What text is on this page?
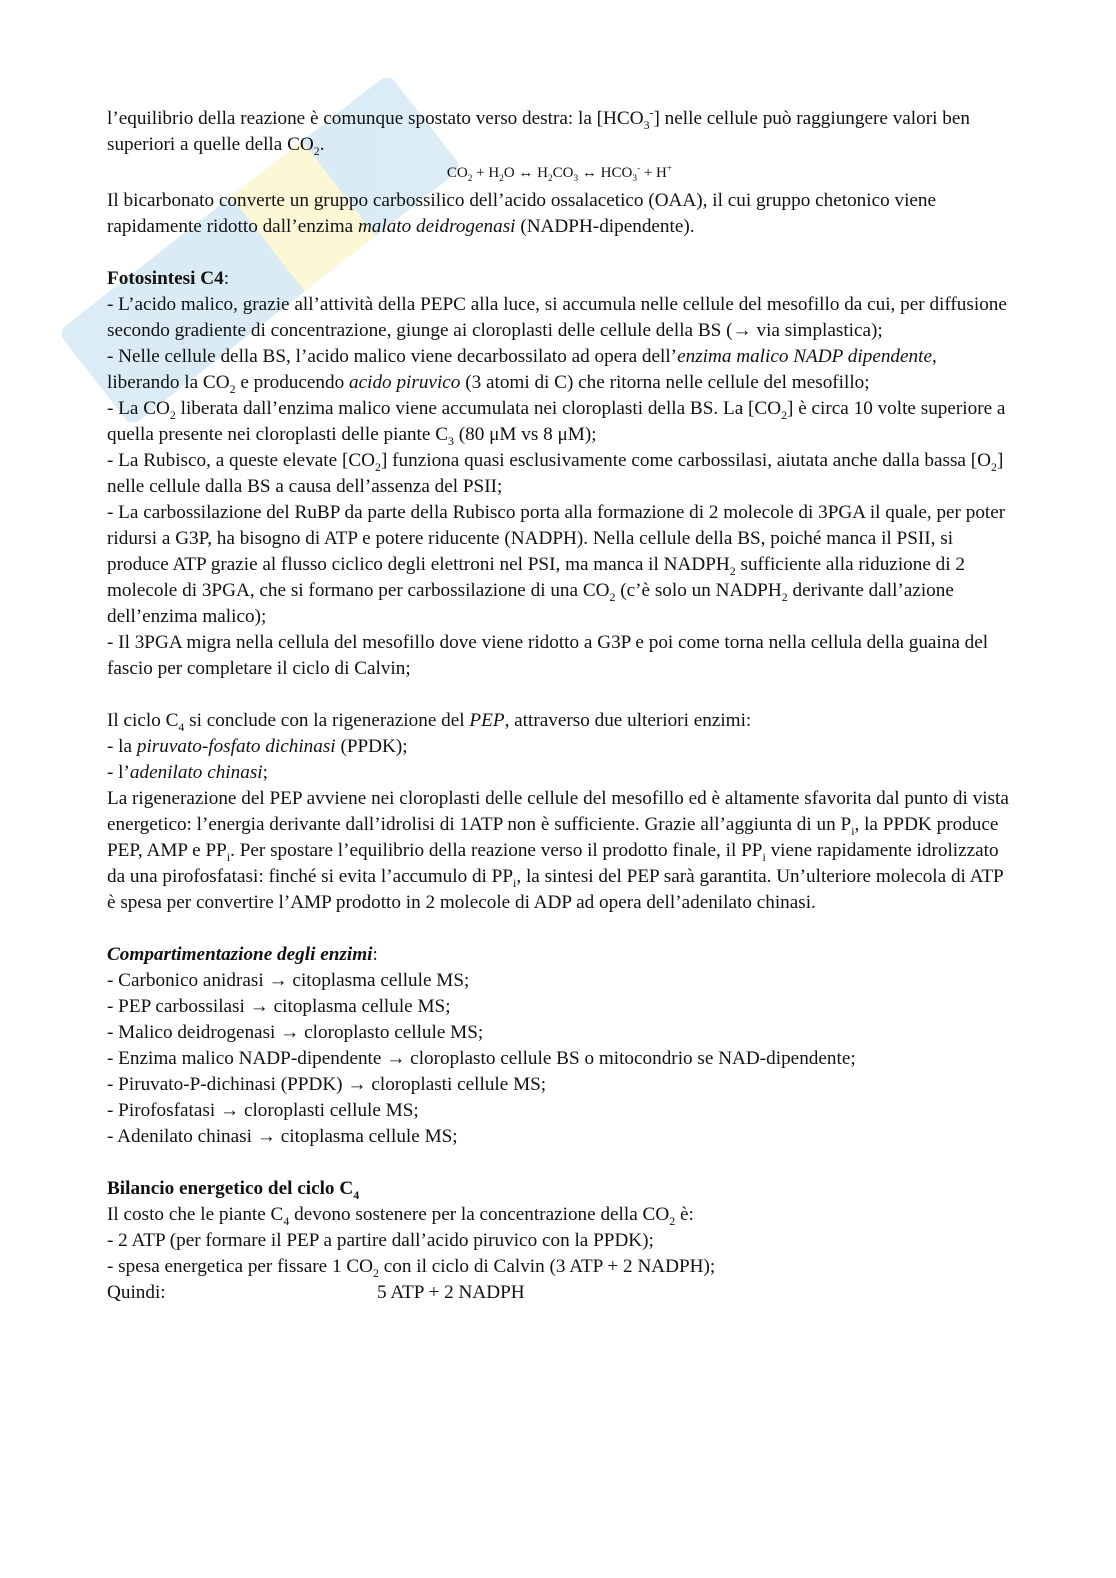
l’equilibrio della reazione è comunque spostato verso destra: la $[HCO_3^-]$ nelle cellule può raggiungere valori ben superiori a quelle della $CO_2$.

$CO_2 + H_2O$ ↔ $H_2CO_3$ ↔ $HCO_3^- + H^+$

Il bicarbonato converte un gruppo carbossilico dell’acido ossalacetico (OAA), il cui gruppo chetonico viene rapidamente ridotto dall’enzima malato deidrogenasi (NADPH-dipendente).

Fotosintesi C4:

- L’acido malico, grazie all’attività della PEPC alla luce, si accumula nelle cellule del mesofillo da cui, per diffusione secondo gradiente di concentrazione, giunge ai cloroplasti delle cellule della BS (→ via simplastica);

- Nelle cellule della BS, l’acido malico viene decarbossilato ad opera dell’enzima malico NADP dipendente, liberando la $CO_2$ e producendo acido piruvico (3 atomi di C) che ritorna nelle cellule del mesofillo;

- La $CO_2$ liberata dall’enzima malico viene accumulata nei cloroplasti della BS. La $[CO_2]$ è circa 10 volte superiore a quella presente nei cloroplasti delle piante $C_3$ (80 μM vs 8 μM);

- La Rubisco, a queste elevate $[CO_2]$ funziona quasi esclusivamente come carbossilasi, aiutata anche dalla bassa $[O_2]$ nelle cellule dalla BS a causa dell’assenza del PSII;

- La carbossilazione del RuBP da parte della Rubisco porta alla formazione di 2 molecole di 3PGA il quale, per poter ridursi a G3P, ha bisogno di ATP e potere riducente (NADPH). Nella cellule della BS, poiché manca il PSII, si produce ATP grazie al flusso ciclico degli elettroni nel PSI, ma manca il $NADPH_2$ sufficiente alla riduzione di 2 molecole di 3PGA, che si formano per carbossilazione di una $CO_2$ (c’è solo un $NADPH_2$ derivante dall’azione dell’enzima malico);

- Il 3PGA migra nella cellula del mesofillo dove viene ridotto a G3P e poi come torna nella cellula della guaina del fascio per completare il ciclo di Calvin;

Il ciclo $C_4$ si conclude con la rigenerazione del PEP, attraverso due ulteriori enzimi:

- la piruvato-fosfato dichinasi (PPDK);

- l’adenilato chinasi;

La rigenerazione del PEP avviene nei cloroplasti delle cellule del mesofillo ed è altamente sfavorita dal punto di vista energetico: l’energia derivante dall’idrolisi di 1ATP non è sufficiente. Grazie all’aggiunta di un $P_i$, la PPDK produce PEP, AMP e $PP_i$. Per spostare l’equilibrio della reazione verso il prodotto finale, il $PP_i$ viene rapidamente idrolizzato da una pirofosfatasi: finché si evita l’accumulo di $PP_i$, la sintesi del PEP sarà garantita. Un’ulteriore molecola di ATP è spesa per convertire l’AMP prodotto in 2 molecole di ADP ad opera dell’adenilato chinasi.

Compartimentazione degli enzimi:

- Carbonico anidrasi → citoplasma cellule MS;

- PEP carbossilasi → citoplasma cellule MS;

- Malico deidrogenasi → cloroplasto cellule MS;

- Enzima malico NADP-dipendente → cloroplasto cellule BS o mitocondrio se NAD-dipendente;

- Piruvato-P-dichinasi (PPDK) → cloroplasti cellule MS;

- Pirofosfatasi → cloroplasti cellule MS;

- Adenilato chinasi → citoplasma cellule MS;

Bilancio energetico del ciclo $C_4$

Il costo che le piante $C_4$ devono sostenere per la concentrazione della $CO_2$ è:

- 2 ATP (per formare il PEP a partire dall’acido piruvico con la PPDK);

- spesa energetica per fissare 1 $CO_2$ con il ciclo di Calvin (3 ATP + 2 NADPH);

Quindi:	5 ATP + 2 NADPH
